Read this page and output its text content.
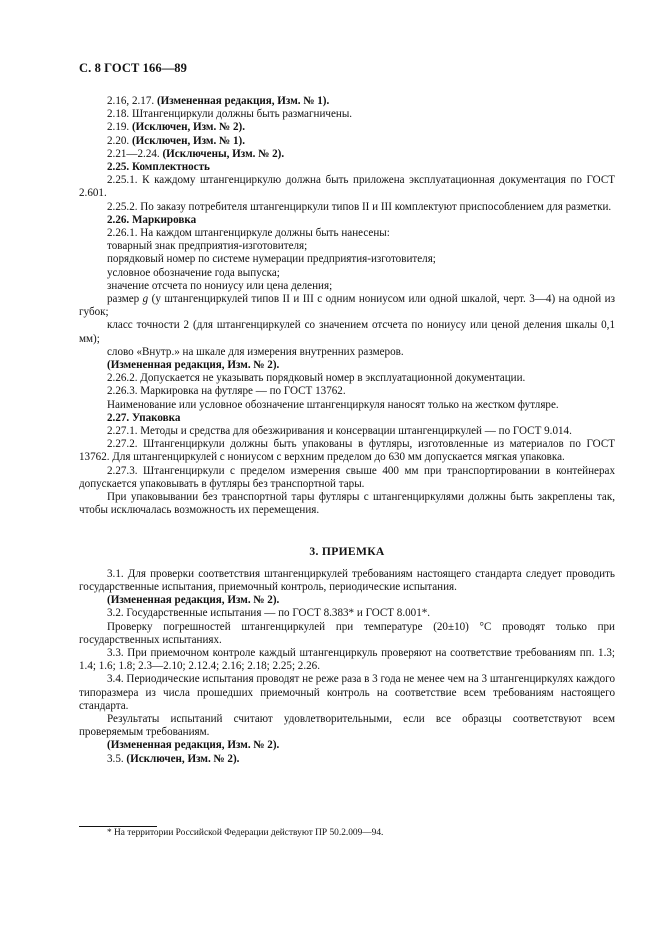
С. 8 ГОСТ 166—89

2.16, 2.17. (Измененная редакция, Изм. № 1).

2.18. Штангенциркули должны быть размагничены.

2.19. (Исключен, Изм. № 2).

2.20. (Исключен, Изм. № 1).

2.21—2.24. (Исключены, Изм. № 2).

2.25. Комплектность

2.25.1. К каждому штангенциркулю должна быть приложена эксплуатационная документация по ГОСТ 2.601.

2.25.2. По заказу потребителя штангенциркули типов II и III комплектуют приспособлением для разметки.

2.26. Маркировка

2.26.1. На каждом штангенциркуле должны быть нанесены:

товарный знак предприятия-изготовителя;

порядковый номер по системе нумерации предприятия-изготовителя;

условное обозначение года выпуска;

значение отсчета по нониусу или цена деления;

размер g (у штангенциркулей типов II и III с одним нониусом или одной шкалой, черт. 3—4) на одной из губок;

класс точности 2 (для штангенциркулей со значением отсчета по нониусу или ценой деления шкалы 0,1 мм);

слово «Внутр.» на шкале для измерения внутренних размеров.

(Измененная редакция, Изм. № 2).

2.26.2. Допускается не указывать порядковый номер в эксплуатационной документации.

2.26.3. Маркировка на футляре — по ГОСТ 13762.

Наименование или условное обозначение штангенциркуля наносят только на жестком футляре.

2.27. Упаковка

2.27.1. Методы и средства для обезжиривания и консервации штангенциркулей — по ГОСТ 9.014.

2.27.2. Штангенциркули должны быть упакованы в футляры, изготовленные из материалов по ГОСТ 13762. Для штангенциркулей с нониусом с верхним пределом до 630 мм допускается мягкая упаковка.

2.27.3. Штангенциркули с пределом измерения свыше 400 мм при транспортировании в контейнерах допускается упаковывать в футляры без транспортной тары.

При упаковывании без транспортной тары футляры с штангенциркулями должны быть закреплены так, чтобы исключалась возможность их перемещения.

3. ПРИЕМКА

3.1. Для проверки соответствия штангенциркулей требованиям настоящего стандарта следует проводить государственные испытания, приемочный контроль, периодические испытания.

(Измененная редакция, Изм. № 2).

3.2. Государственные испытания — по ГОСТ 8.383* и ГОСТ 8.001*.

Проверку погрешностей штангенциркулей при температуре (20±10) °С проводят только при государственных испытаниях.

3.3. При приемочном контроле каждый штангенциркуль проверяют на соответствие требованиям пп. 1.3; 1.4; 1.6; 1.8; 2.3—2.10; 2.12.4; 2.16; 2.18; 2.25; 2.26.

3.4. Периодические испытания проводят не реже раза в 3 года не менее чем на 3 штангенциркулях каждого типоразмера из числа прошедших приемочный контроль на соответствие всем требованиям настоящего стандарта.

Результаты испытаний считают удовлетворительными, если все образцы соответствуют всем проверяемым требованиям.

(Измененная редакция, Изм. № 2).

3.5. (Исключен, Изм. № 2).

* На территории Российской Федерации действуют ПР 50.2.009—94.
